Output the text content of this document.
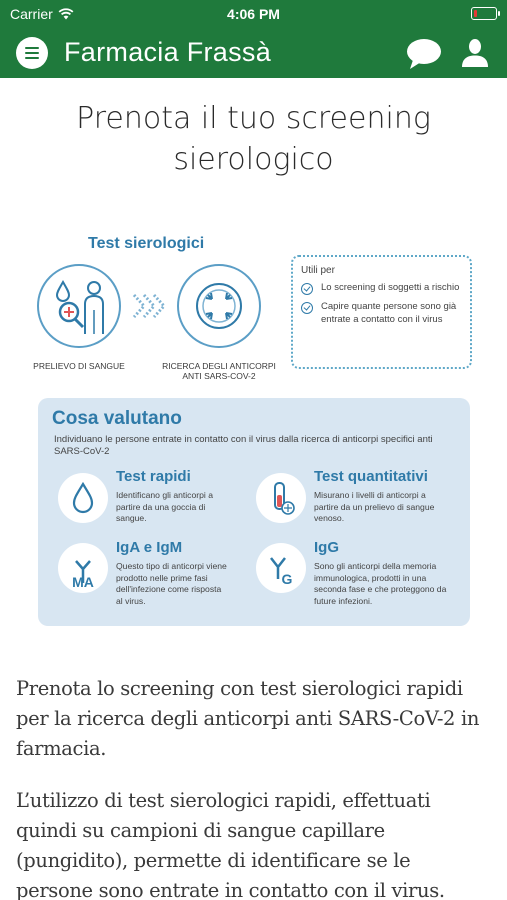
Carrier	4:06 PM
Farmacia Frassà
Prenota il tuo screening sierologico
Test sierologici
PRELIEVO DI SANGUE	RICERCA DEGLI ANTICORPI ANTI SARS-COV-2
Utili per
Lo screening di soggetti a rischio
Capire quante persone sono già entrate a contatto con il virus
Cosa valutano
Individuano le persone entrate in contatto con il virus dalla ricerca di anticorpi specifici anti SARS-CoV-2
Test rapidi
Identificano gli anticorpi a partire da una goccia di sangue.
Test quantitativi
Misurano i livelli di anticorpi a partire da un prelievo di sangue venoso.
MA
IgA e IgM
Questo tipo di anticorpi viene prodotto nelle prime fasi dell'infezione come risposta al virus.
G
IgG
Sono gli anticorpi della memoria immunologica, prodotti in una seconda fase e che proteggono da future infezioni.

Prenota lo screening con test sierologici rapidi per la ricerca degli anticorpi anti SARS-CoV-2 in farmacia.

L’utilizzo di test sierologici rapidi, effettuati quindi su campioni di sangue capillare (pungidito), permette di identificare se le persone sono entrate in contatto con il virus.
